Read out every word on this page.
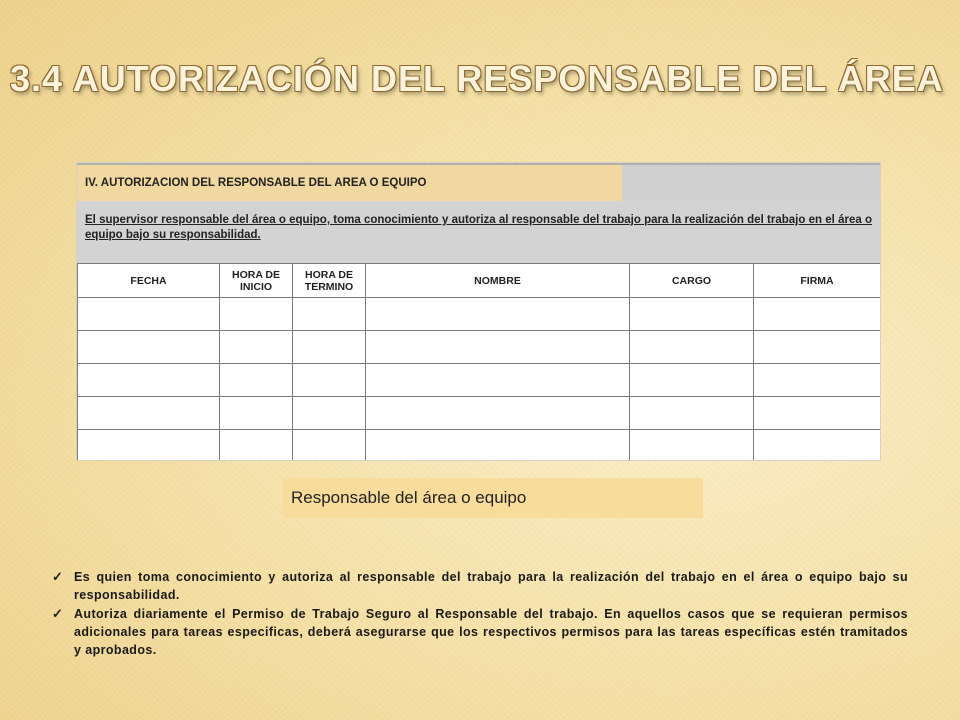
3.4 AUTORIZACIÓN DEL RESPONSABLE DEL ÁREA
IV. AUTORIZACION DEL RESPONSABLE DEL AREA O EQUIPO
El supervisor responsable del área o equipo, toma conocimiento y autoriza al responsable del trabajo para la realización del trabajo en el área o equipo bajo su responsabilidad.
FECHA	HORA DE INICIO	HORA DE TERMINO	NOMBRE	CARGO	FIRMA

Responsable del área o equipo
✓ Es quien toma conocimiento y autoriza al responsable del trabajo para la realización del trabajo en el área o equipo bajo su responsabilidad.
✓ Autoriza diariamente el Permiso de Trabajo Seguro al Responsable del trabajo. En aquellos casos que se requieran permisos adicionales para tareas especificas, deberá asegurarse que los respectivos permisos para las tareas específicas estén tramitados y aprobados.
